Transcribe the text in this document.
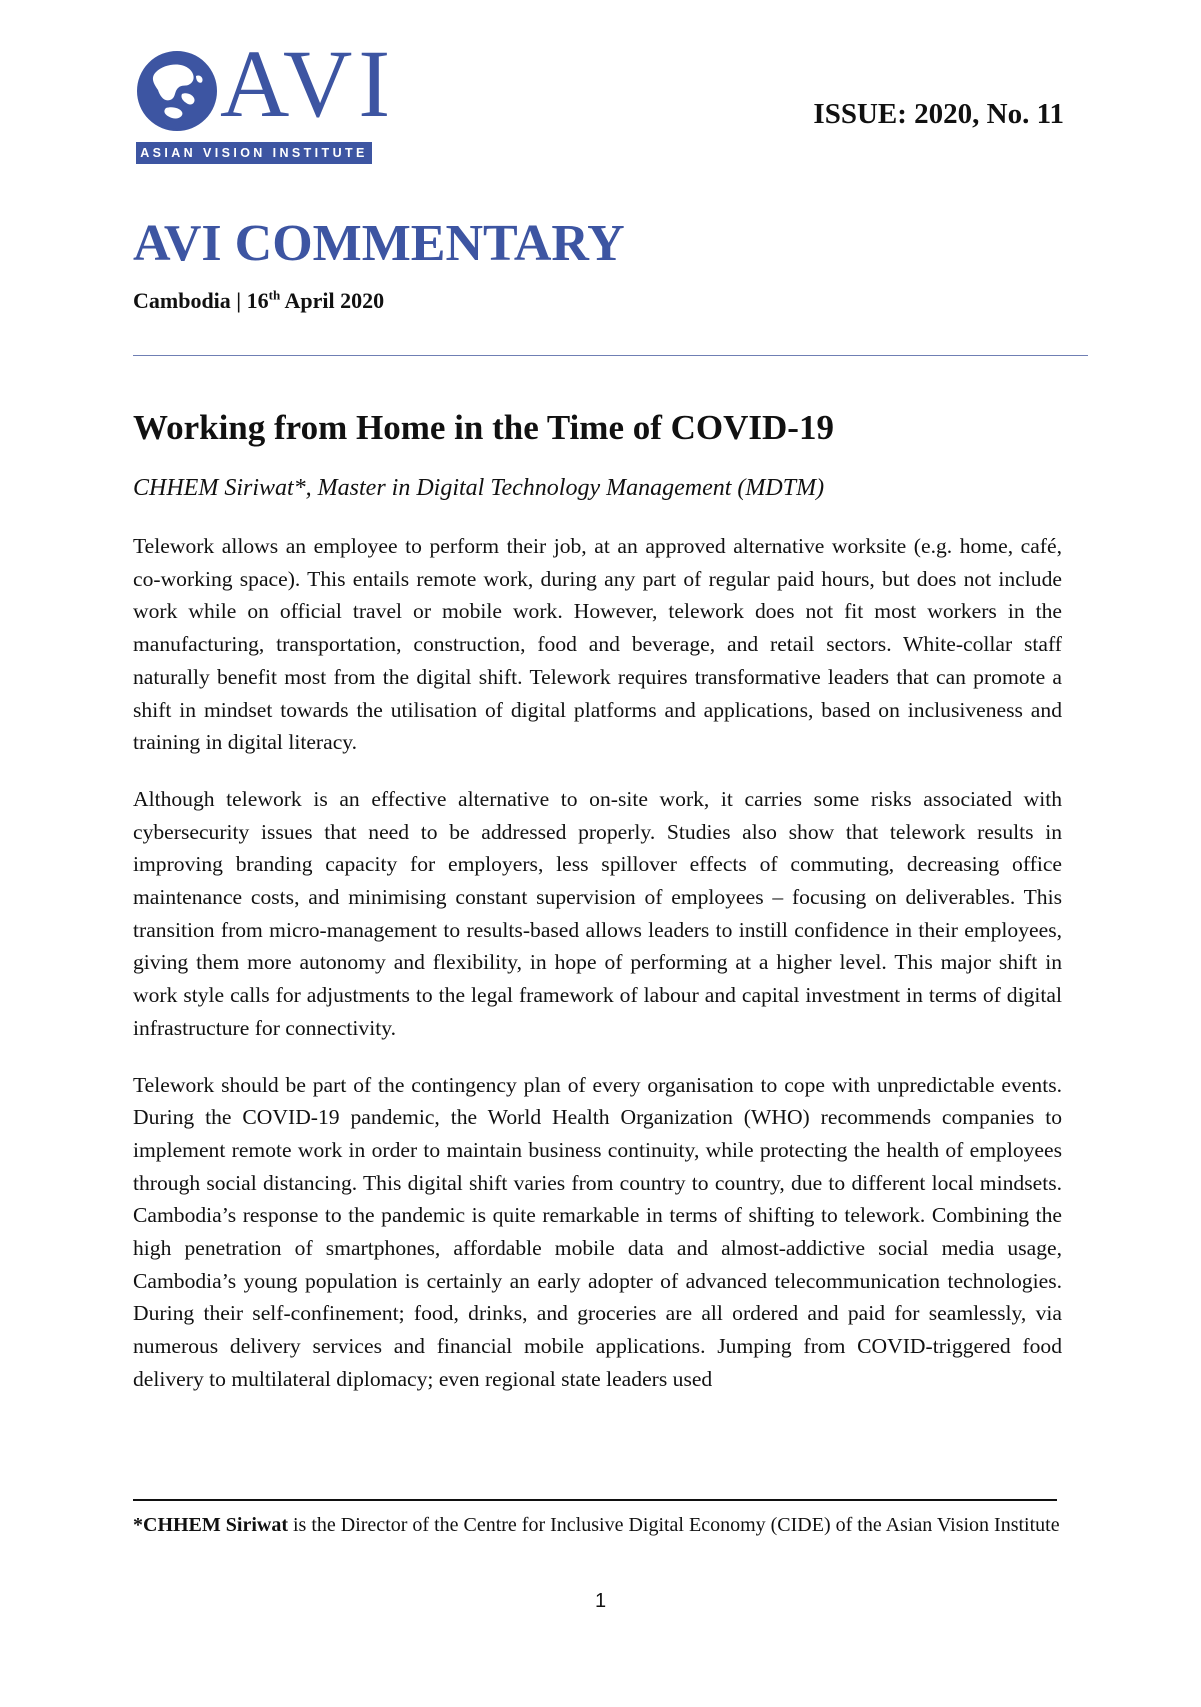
AVI
ASIAN VISION INSTITUTE
ISSUE: 2020, No. 11
AVI COMMENTARY
Cambodia | 16th April 2020
Working from Home in the Time of COVID-19
CHHEM Siriwat*, Master in Digital Technology Management (MDTM)

Telework allows an employee to perform their job, at an approved alternative worksite (e.g. home, café, co-working space). This entails remote work, during any part of regular paid hours, but does not include work while on official travel or mobile work. However, telework does not fit most workers in the manufacturing, transportation, construction, food and beverage, and retail sectors. White-collar staff naturally benefit most from the digital shift. Telework requires transformative leaders that can promote a shift in mindset towards the utilisation of digital platforms and applications, based on inclusiveness and training in digital literacy.

Although telework is an effective alternative to on-site work, it carries some risks associated with cybersecurity issues that need to be addressed properly. Studies also show that telework results in improving branding capacity for employers, less spillover effects of commuting, decreasing office maintenance costs, and minimising constant supervision of employees – focusing on deliverables. This transition from micro-management to results-based allows leaders to instill confidence in their employees, giving them more autonomy and flexibility, in hope of performing at a higher level. This major shift in work style calls for adjustments to the legal framework of labour and capital investment in terms of digital infrastructure for connectivity.

Telework should be part of the contingency plan of every organisation to cope with unpredictable events. During the COVID-19 pandemic, the World Health Organization (WHO) recommends companies to implement remote work in order to maintain business continuity, while protecting the health of employees through social distancing. This digital shift varies from country to country, due to different local mindsets. Cambodia’s response to the pandemic is quite remarkable in terms of shifting to telework. Combining the high penetration of smartphones, affordable mobile data and almost-addictive social media usage, Cambodia’s young population is certainly an early adopter of advanced telecommunication technologies. During their self-confinement; food, drinks, and groceries are all ordered and paid for seamlessly, via numerous delivery services and financial mobile applications. Jumping from COVID-triggered food delivery to multilateral diplomacy; even regional state leaders used

*CHHEM Siriwat is the Director of the Centre for Inclusive Digital Economy (CIDE) of the Asian Vision Institute
1
